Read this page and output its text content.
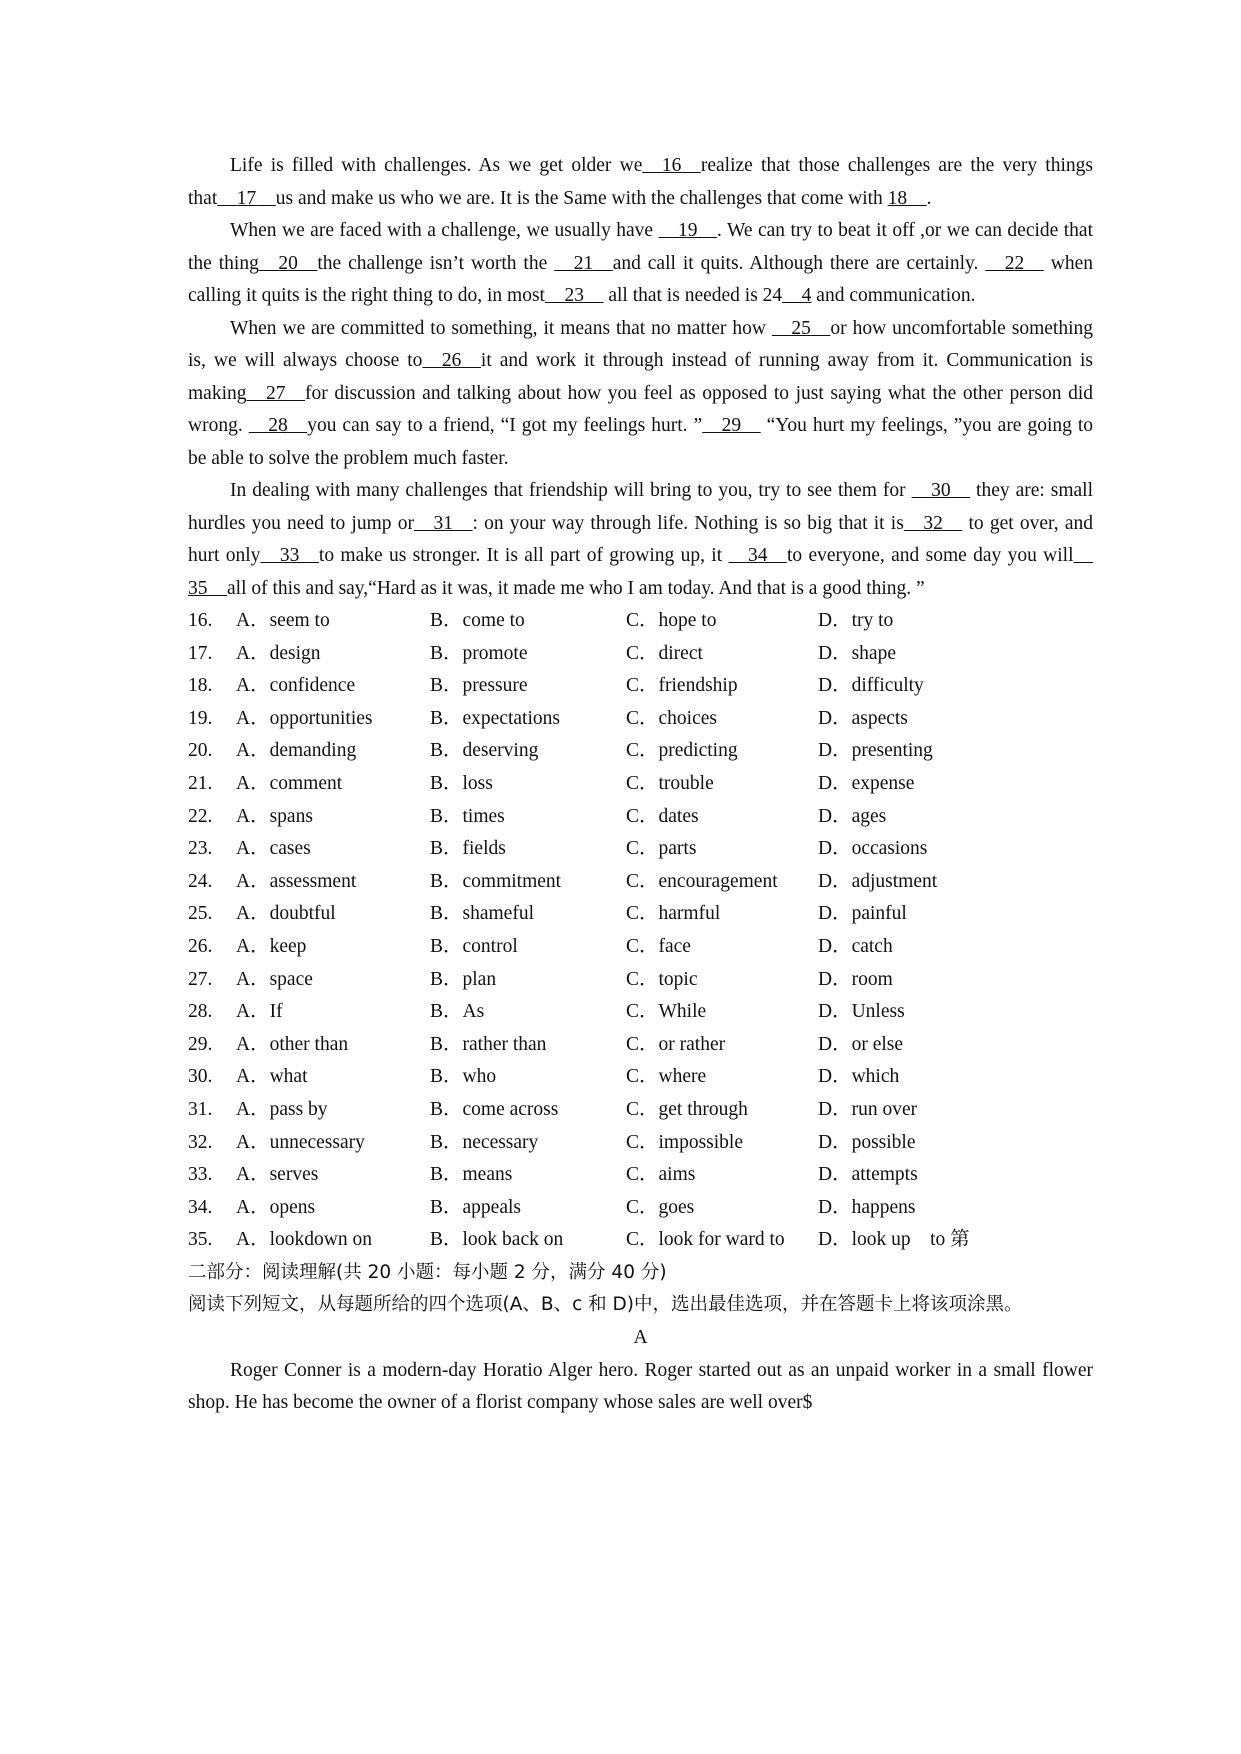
Life is filled with challenges. As we get older we  16  realize that those challenges are the very things that  17  us and make us who we are. It is the Same with the challenges that come with 18  .

When we are faced with a challenge, we usually have  19  . We can try to beat it off ,or we can decide that the thing  20  the challenge isn’t worth the  21  and call it quits. Although there are certainly.  22  when calling it quits is the right thing to do, in most  23  all that is needed is 24  4 and communication.

When we are committed to something, it means that no matter how  25  or how uncomfortable something is, we will always choose to  26  it and work it through instead of running away from it. Communication is making  27  for discussion and talking about how you feel as opposed to just saying what the other person did wrong.  28  you can say to a friend, “I got my feelings hurt. ”  29  “You hurt my feelings, ”you are going to be able to solve the problem much faster.

In dealing with many challenges that friendship will bring to you, try to see them for  30  they are: small hurdles you need to jump or  31  : on your way through life. Nothing is so big that it is  32  to get over, and hurt only  33  to make us stronger. It is all part of growing up, it  34  to everyone, and some day you will 35  all of this and say,“Hard as it was, it made me who I am today. And that is a good thing. ”

16. A．seem to	B．come to	C．hope to	D．try to
17. A．design	B．promote	C．direct	D．shape
18. A．confidence	B．pressure	C．friendship	D．difficulty
19. A．opportunities	B．expectations	C．choices	D．aspects
20. A．demanding	B．deserving	C．predicting	D．presenting
21. A．comment	B．loss	C．trouble	D．expense
22. A．spans	B．times	C．dates	D．ages
23. A．cases	B．fields	C．parts	D．occasions
24. A．assessment	B．commitment	C．encouragement D．adjustment
25. A．doubtful	B．shameful	C．harmful	D．painful
26. A．keep	B．control	C．face	D．catch
27. A．space	B．plan	C．topic	D．room
28. A．If	B．As	C．While	D．Unless
29. A．other than	B．rather than	C．or rather	D．or else
30. A．what	B．who	C．where	D．which
31. A．pass by	B．come across	C．get through	D．run over
32. A．unnecessary	B．necessary	C．impossible	D．possible
33. A．serves	B．means	C．aims	D．attempts
34. A．opens	B．appeals	C．goes	D．happens
35. A．lookdown on	B．look back on	C．look for ward to D．look up　to 第

二部分：阅读理解(共 20 小题：每小题 2 分，满分 40 分)

阅读下列短文，从每题所给的四个选项(A、B、c 和 D)中，选出最佳选项，并在答题卡上将该项涂黑。

A

Roger Conner is a modern-day Horatio Alger hero. Roger started out as an unpaid worker in a small flower shop. He has become the owner of a florist company whose sales are well over$
